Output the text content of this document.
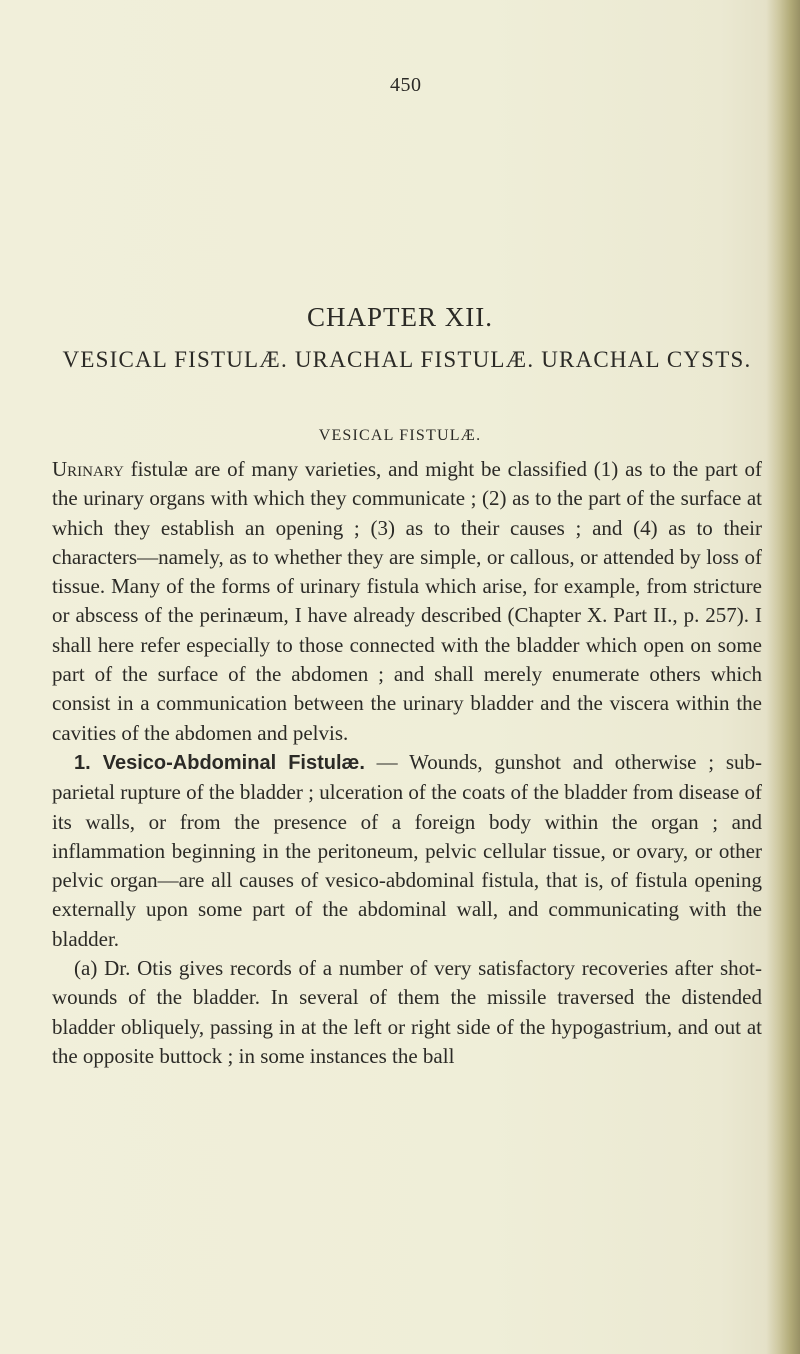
450
CHAPTER XII.
VESICAL FISTULÆ. URACHAL FISTULÆ. URACHAL CYSTS.
VESICAL FISTULÆ.

Urinary fistulæ are of many varieties, and might be classified (1) as to the part of the urinary organs with which they communicate ; (2) as to the part of the surface at which they establish an opening ; (3) as to their causes ; and (4) as to their characters—namely, as to whether they are simple, or callous, or attended by loss of tissue. Many of the forms of urinary fistula which arise, for example, from stricture or abscess of the perinæum, I have already described (Chapter X. Part II., p. 257). I shall here refer especially to those connected with the bladder which open on some part of the surface of the abdomen ; and shall merely enumerate others which consist in a communication between the urinary bladder and the viscera within the cavities of the abdomen and pelvis.

1. Vesico-Abdominal Fistulæ. — Wounds, gunshot and otherwise ; sub-parietal rupture of the bladder ; ulceration of the coats of the bladder from disease of its walls, or from the presence of a foreign body within the organ ; and inflammation beginning in the peritoneum, pelvic cellular tissue, or ovary, or other pelvic organ—are all causes of vesico-abdominal fistula, that is, of fistula opening externally upon some part of the abdominal wall, and communicating with the bladder.

(a) Dr. Otis gives records of a number of very satisfactory recoveries after shot-wounds of the bladder. In several of them the missile traversed the distended bladder obliquely, passing in at the left or right side of the hypogastrium, and out at the opposite buttock ; in some instances the ball
